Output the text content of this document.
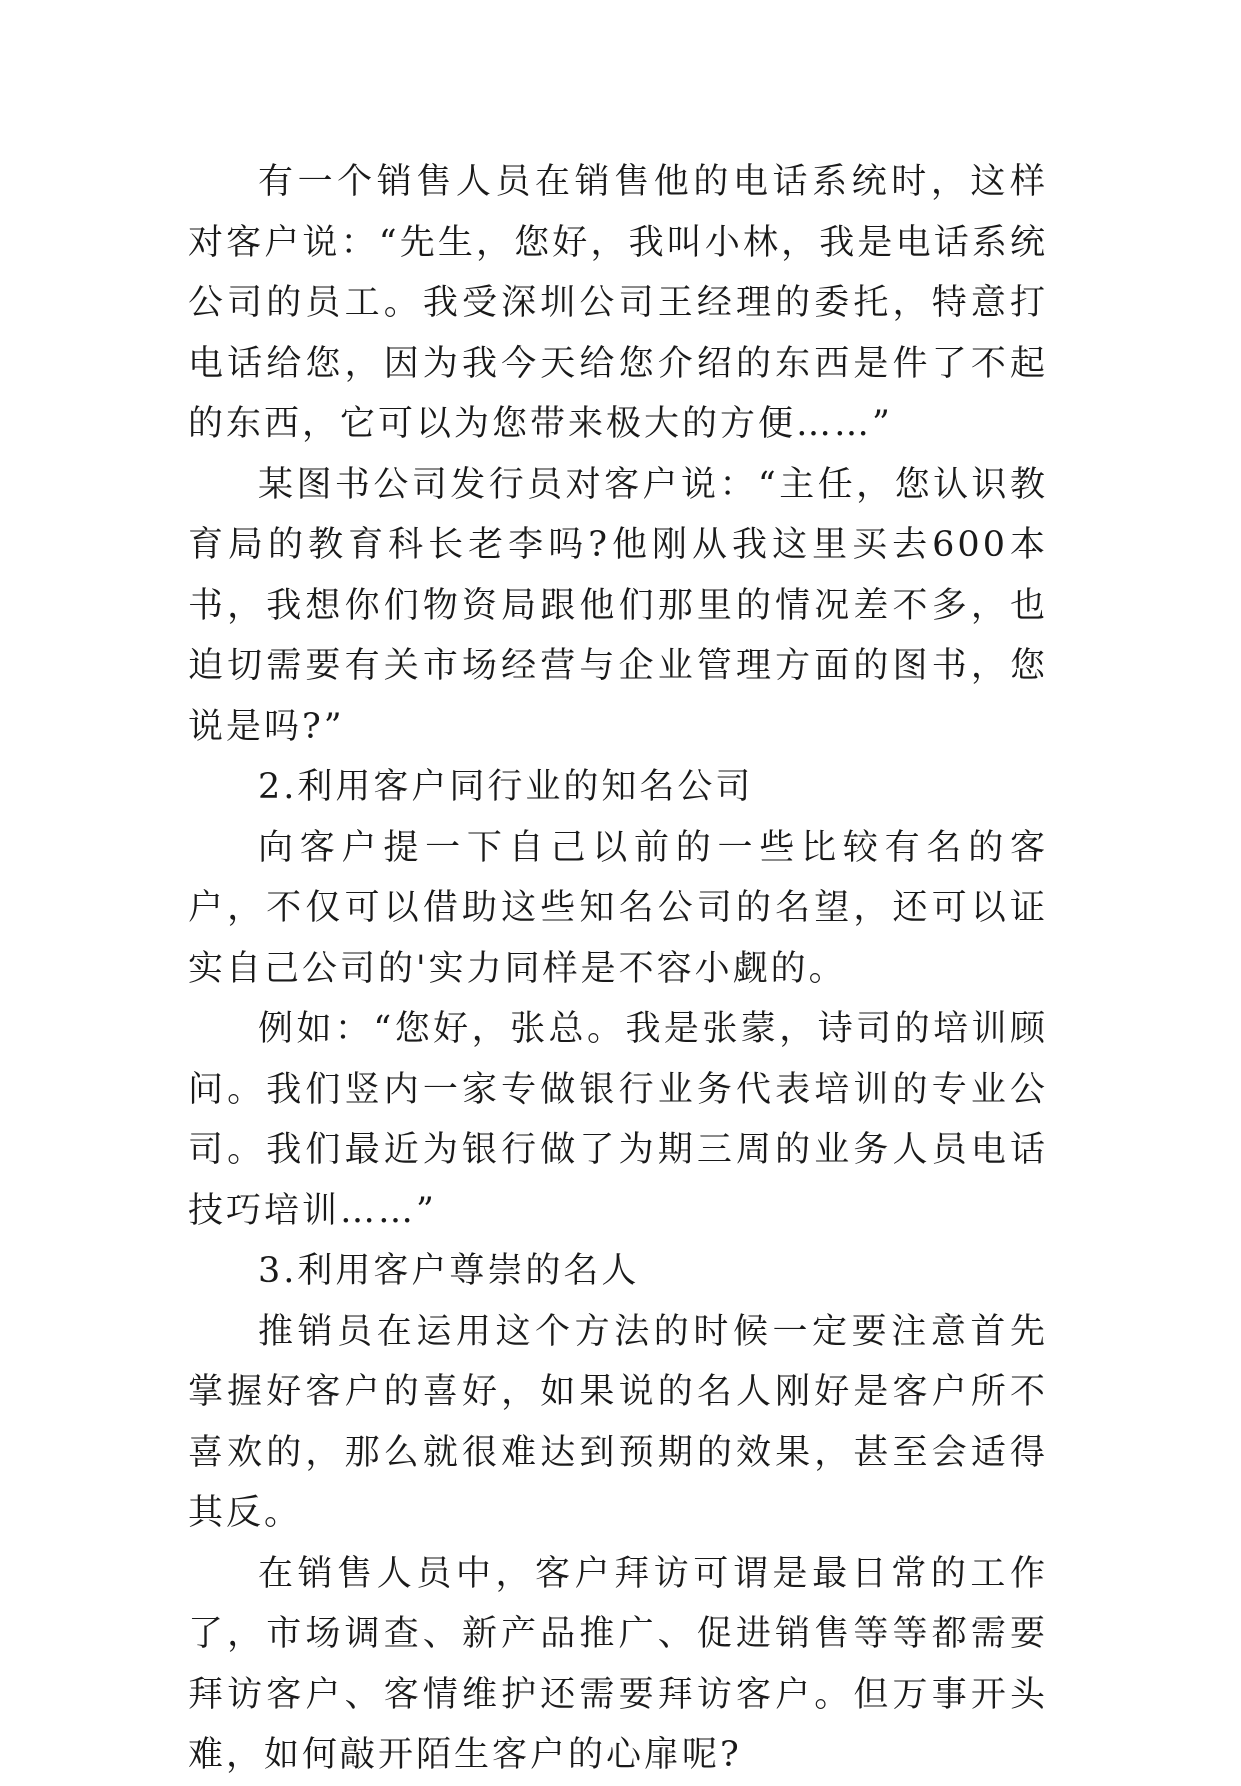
有一个销售人员在销售他的电话系统时，这样对客户说：“先生，您好，我叫小林，我是电话系统公司的员工。我受深圳公司王经理的委托，特意打电话给您，因为我今天给您介绍的东西是件了不起的东西，它可以为您带来极大的方便……”

某图书公司发行员对客户说：“主任，您认识教育局的教育科长老李吗?他刚从我这里买去600本书，我想你们物资局跟他们那里的情况差不多，也迫切需要有关市场经营与企业管理方面的图书，您说是吗?”

2.利用客户同行业的知名公司

向客户提一下自己以前的一些比较有名的客户，不仅可以借助这些知名公司的名望，还可以证实自己公司的'实力同样是不容小觑的。

例如：“您好，张总。我是张蒙，诗司的培训顾问。我们竖内一家专做银行业务代表培训的专业公司。我们最近为银行做了为期三周的业务人员电话技巧培训……”

3.利用客户尊崇的名人

推销员在运用这个方法的时候一定要注意首先掌握好客户的喜好，如果说的名人刚好是客户所不喜欢的，那么就很难达到预期的效果，甚至会适得其反。

在销售人员中，客户拜访可谓是最日常的工作了，市场调查、新产品推广、促进销售等等都需要拜访客户、客情维护还需要拜访客户。但万事开头难，如何敲开陌生客户的心扉呢?
